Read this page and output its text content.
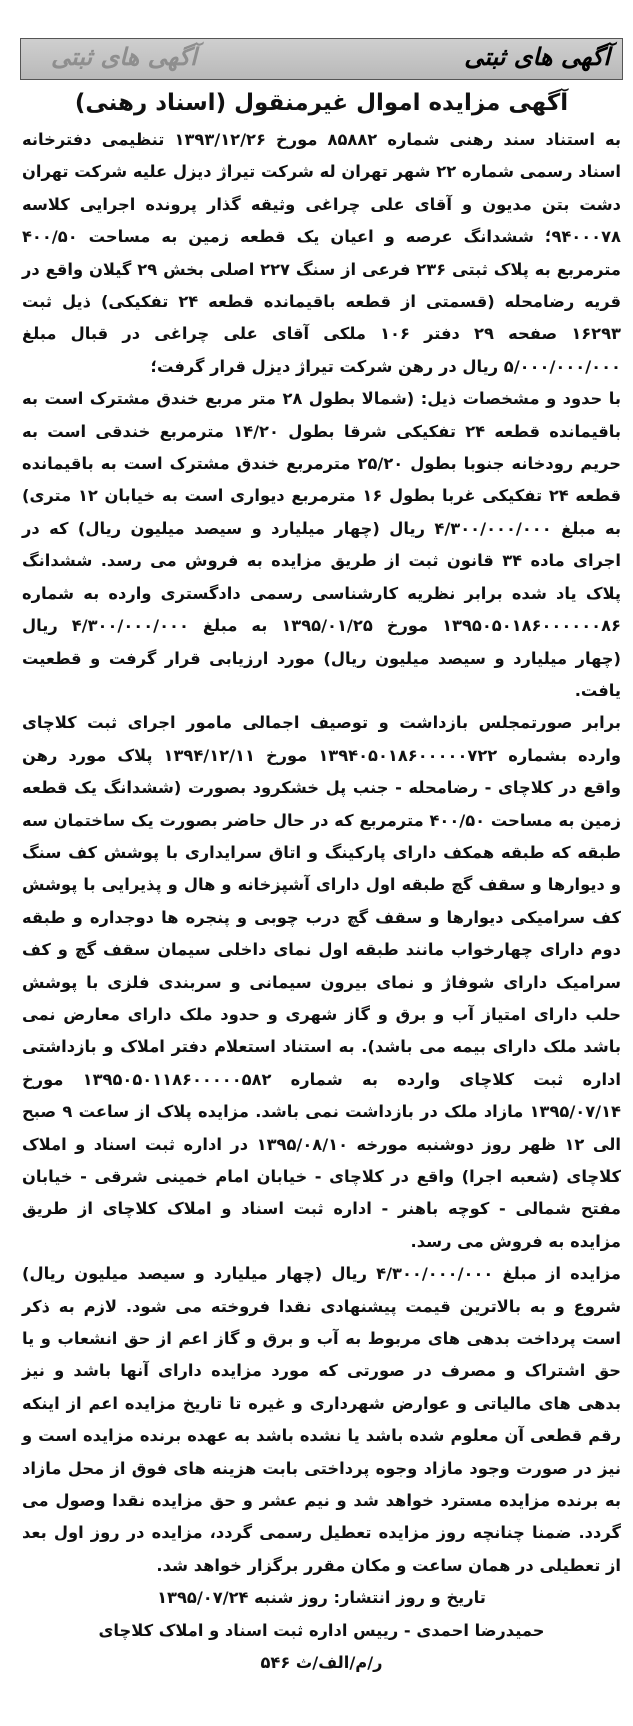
آگهی های ثبتی	آگهی های ثبتی
آگهی مزایده اموال غیرمنقول (اسناد رهنی)

به استناد سند رهنی شماره ۸۵۸۸۲ مورخ ۱۳۹۳/۱۲/۲۶ تنظیمی دفترخانه اسناد رسمی شماره ۲۲ شهر تهران له شرکت تیراژ دیزل علیه شرکت تهران دشت بتن مدیون و آقای علی چراغی وثیقه گذار پرونده اجرایی کلاسه ۹۴۰۰۰۷۸؛ ششدانگ عرصه و اعیان یک قطعه زمین به مساحت ۴۰۰/۵۰ مترمربع به پلاک ثبتی ۲۳۶ فرعی از سنگ ۲۲۷ اصلی بخش ۲۹ گیلان واقع در قریه رضامحله (قسمتی از قطعه باقیمانده قطعه ۲۴ تفکیکی) ذیل ثبت ۱۶۲۹۳ صفحه ۲۹ دفتر ۱۰۶ ملکی آقای علی چراغی در قبال مبلغ ۵/۰۰۰/۰۰۰/۰۰۰ ریال در رهن شرکت تیراژ دیزل قرار گرفت؛

با حدود و مشخصات ذیل: (شمالا بطول ۲۸ متر مربع خندق مشترک است به باقیمانده قطعه ۲۴ تفکیکی شرقا بطول ۱۴/۲۰ مترمربع خندقی است به حریم رودخانه جنوبا بطول ۲۵/۲۰ مترمربع خندق مشترک است به باقیمانده قطعه ۲۴ تفکیکی غربا بطول ۱۶ مترمربع دیواری است به خیابان ۱۲ متری) به مبلغ ۴/۳۰۰/۰۰۰/۰۰۰ ریال (چهار میلیارد و سیصد میلیون ریال) که در اجرای ماده ۳۴ قانون ثبت از طریق مزایده به فروش می رسد. ششدانگ پلاک یاد شده برابر نظریه کارشناسی رسمی دادگستری وارده به شماره ۱۳۹۵۰۵۰۱۸۶۰۰۰۰۰۰۸۶ مورخ ۱۳۹۵/۰۱/۲۵ به مبلغ ۴/۳۰۰/۰۰۰/۰۰۰ ریال (چهار میلیارد و سیصد میلیون ریال) مورد ارزیابی قرار گرفت و قطعیت یافت.

برابر صورتمجلس بازداشت و توصیف اجمالی مامور اجرای ثبت کلاچای وارده بشماره ۱۳۹۴۰۵۰۱۸۶۰۰۰۰۰۷۲۲ مورخ ۱۳۹۴/۱۲/۱۱ پلاک مورد رهن واقع در کلاچای - رضامحله - جنب پل خشکرود بصورت (ششدانگ یک قطعه زمین به مساحت ۴۰۰/۵۰ مترمربع که در حال حاضر بصورت یک ساختمان سه طبقه که طبقه همکف دارای پارکینگ و اتاق سرایداری با پوشش کف سنگ و دیوارها و سقف گچ طبقه اول دارای آشپزخانه و هال و پذیرایی با پوشش کف سرامیکی دیوارها و سقف گچ درب چوبی و پنجره ها دوجداره و طبقه دوم دارای چهارخواب مانند طبقه اول نمای داخلی سیمان سقف گچ و کف سرامیک دارای شوفاژ و نمای بیرون سیمانی و سربندی فلزی با پوشش حلب دارای امتیاز آب و برق و گاز شهری و حدود ملک دارای معارض نمی باشد ملک دارای بیمه می باشد). به استناد استعلام دفتر املاک و بازداشتی اداره ثبت کلاچای وارده به شماره ۱۳۹۵۰۵۰۱۱۸۶۰۰۰۰۰۵۸۲ مورخ ۱۳۹۵/۰۷/۱۴ مازاد ملک در بازداشت نمی باشد. مزایده پلاک از ساعت ۹ صبح الی ۱۲ ظهر روز دوشنبه مورخه ۱۳۹۵/۰۸/۱۰ در اداره ثبت اسناد و املاک کلاچای (شعبه اجرا) واقع در کلاچای - خیابان امام خمینی شرقی - خیابان مفتح شمالی - کوچه باهنر - اداره ثبت اسناد و املاک کلاچای از طریق مزایده به فروش می رسد.

مزایده از مبلغ ۴/۳۰۰/۰۰۰/۰۰۰ ریال (چهار میلیارد و سیصد میلیون ریال) شروع و به بالاترین قیمت پیشنهادی نقدا فروخته می شود. لازم به ذکر است پرداخت بدهی های مربوط به آب و برق و گاز اعم از حق انشعاب و یا حق اشتراک و مصرف در صورتی که مورد مزایده دارای آنها باشد و نیز بدهی های مالیاتی و عوارض شهرداری و غیره تا تاریخ مزایده اعم از اینکه رقم قطعی آن معلوم شده باشد یا نشده باشد به عهده برنده مزایده است و نیز در صورت وجود مازاد وجوه پرداختی بابت هزینه های فوق از محل مازاد به برنده مزایده مسترد خواهد شد و نیم عشر و حق مزایده نقدا وصول می گردد. ضمنا چنانچه روز مزایده تعطیل رسمی گردد، مزایده در روز اول بعد از تعطیلی در همان ساعت و مکان مقرر برگزار خواهد شد.

تاریخ و روز انتشار: روز شنبه ۱۳۹۵/۰۷/۲۴
حمیدرضا احمدی - رییس اداره ثبت اسناد و املاک کلاچای
ر/م/الف/ث ۵۴۶
